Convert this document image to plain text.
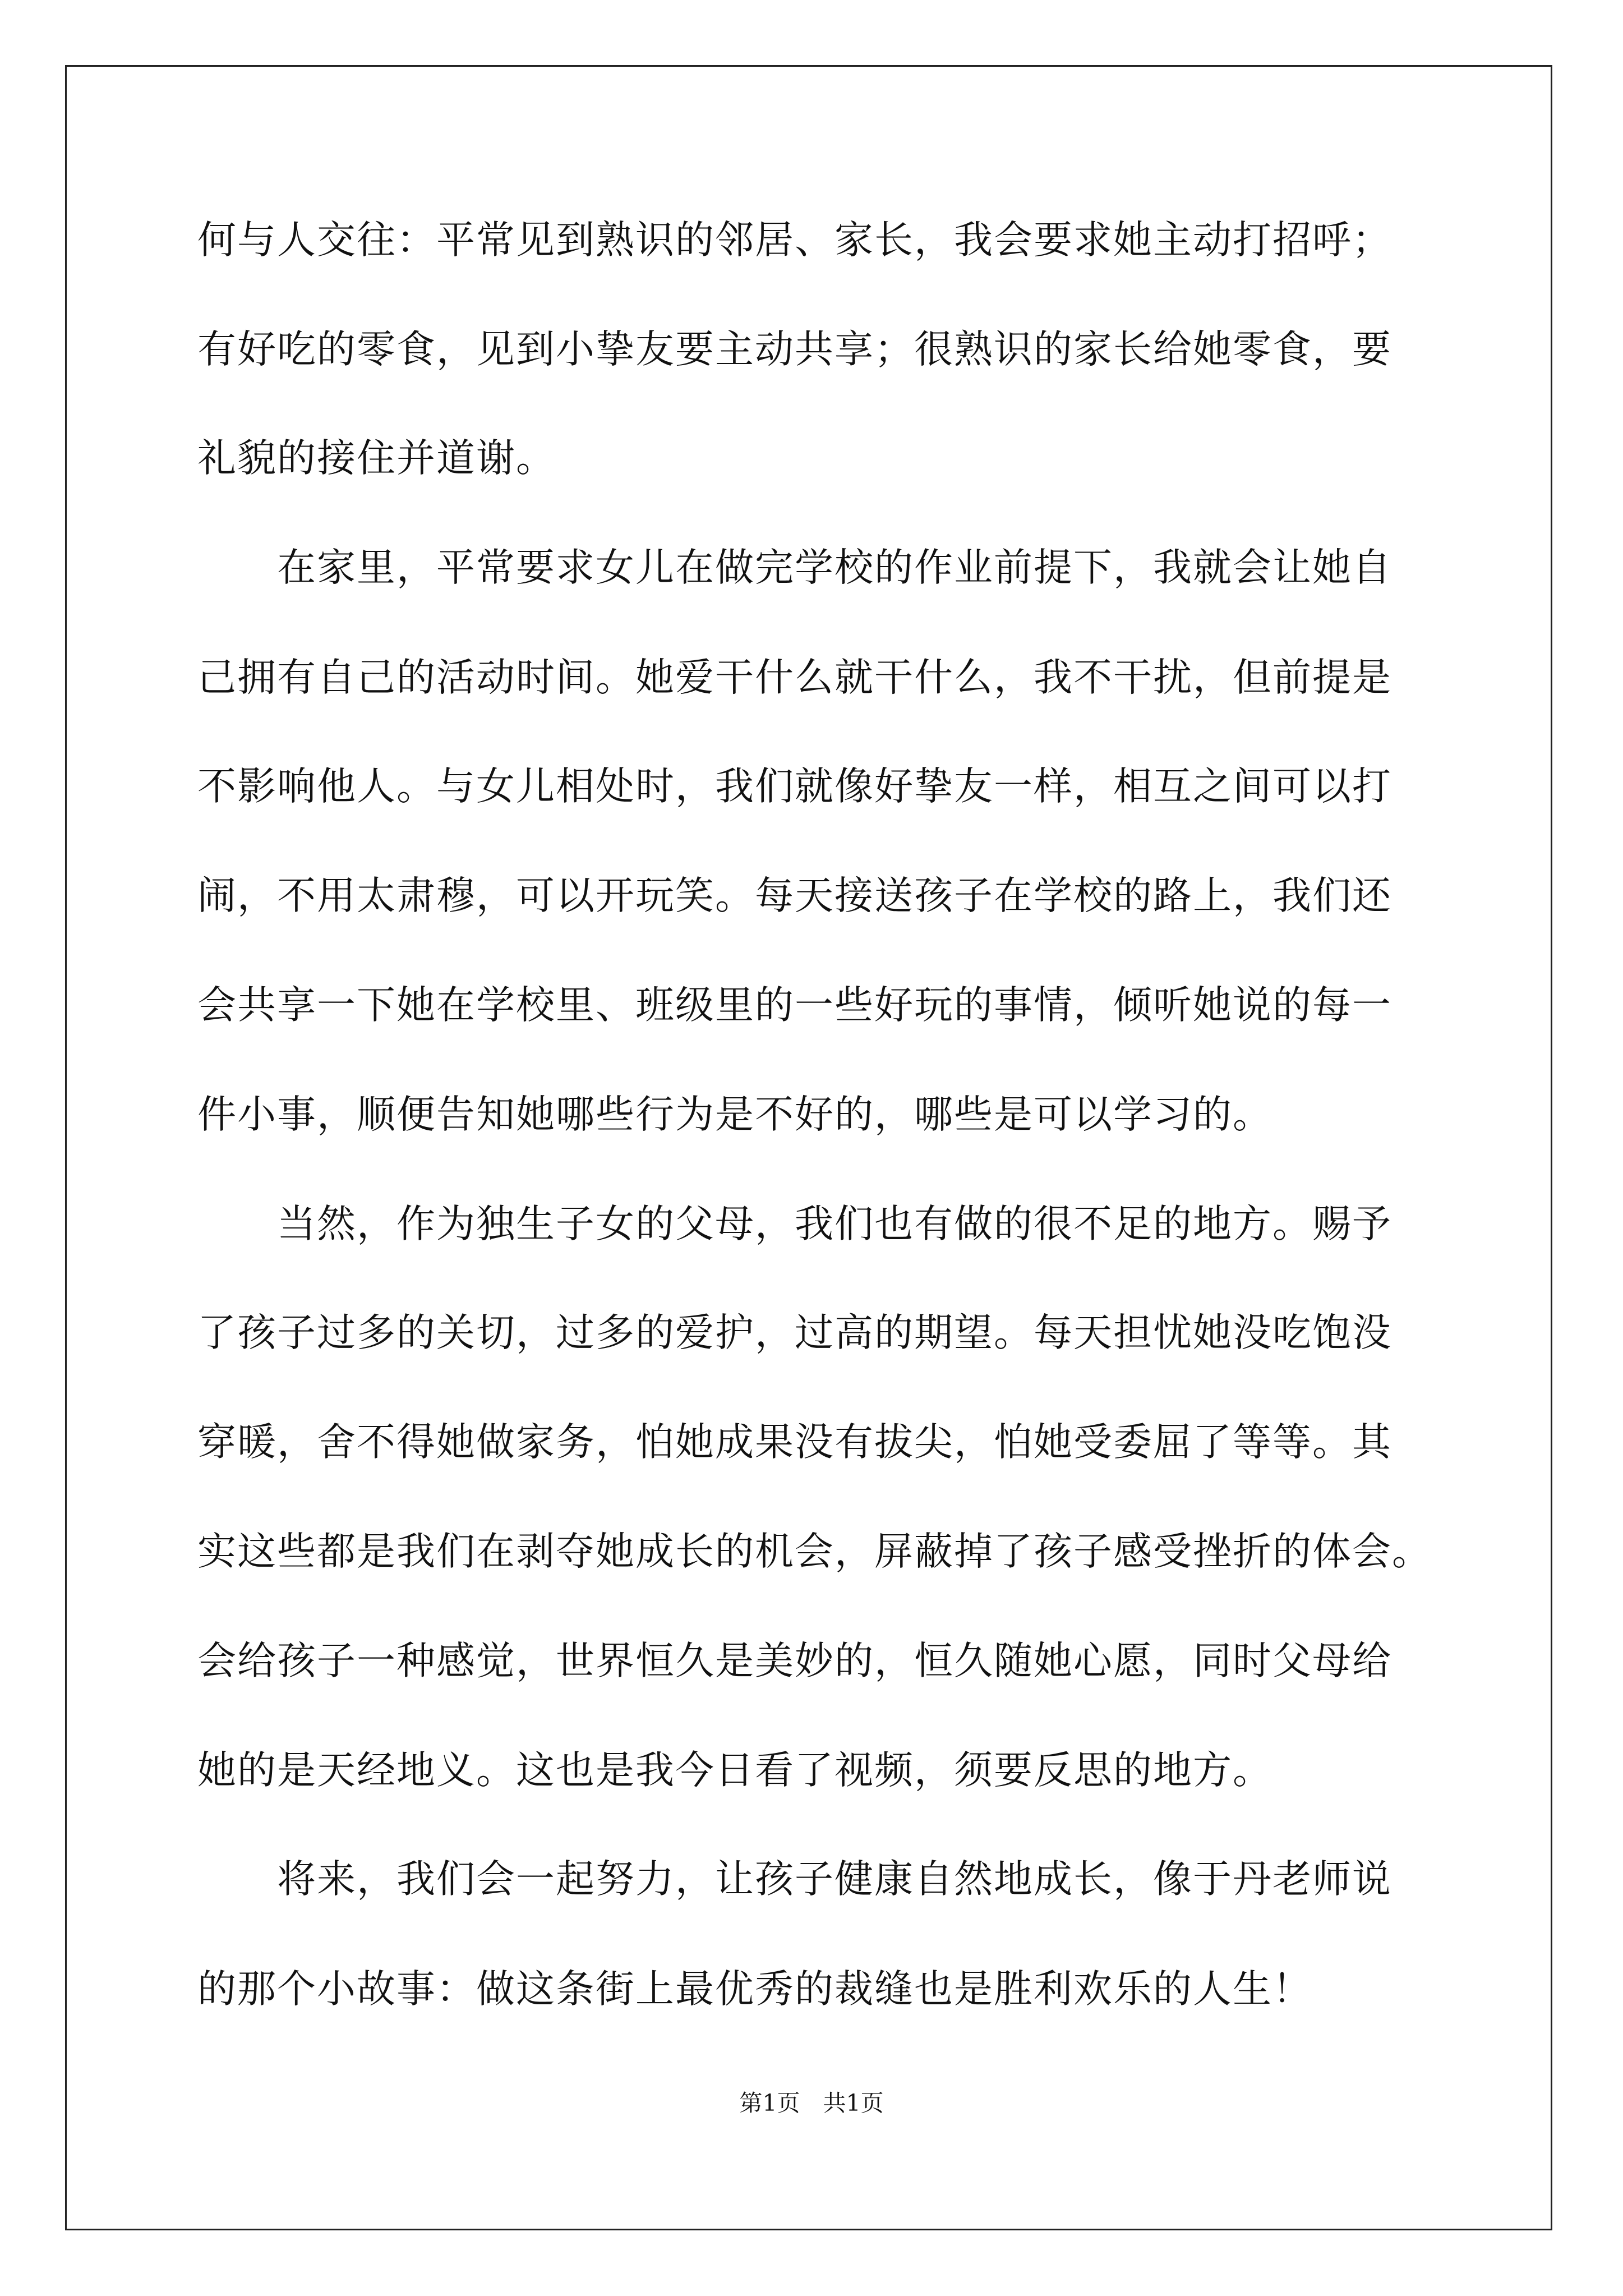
何与人交往：平常见到熟识的邻居、家长，我会要求她主动打招呼；
有好吃的零食，见到小挚友要主动共享；很熟识的家长给她零食，要
礼貌的接住并道谢。
　　在家里，平常要求女儿在做完学校的作业前提下，我就会让她自
己拥有自己的活动时间。她爱干什么就干什么，我不干扰，但前提是
不影响他人。与女儿相处时，我们就像好挚友一样，相互之间可以打
闹，不用太肃穆，可以开玩笑。每天接送孩子在学校的路上，我们还
会共享一下她在学校里、班级里的一些好玩的事情，倾听她说的每一
件小事，顺便告知她哪些行为是不好的，哪些是可以学习的。
　　当然，作为独生子女的父母，我们也有做的很不足的地方。赐予
了孩子过多的关切，过多的爱护，过高的期望。每天担忧她没吃饱没
穿暖，舍不得她做家务，怕她成果没有拔尖，怕她受委屈了等等。其
实这些都是我们在剥夺她成长的机会，屏蔽掉了孩子感受挫折的体会。
会给孩子一种感觉，世界恒久是美妙的，恒久随她心愿，同时父母给
她的是天经地义。这也是我今日看了视频，须要反思的地方。
　　将来，我们会一起努力，让孩子健康自然地成长，像于丹老师说
的那个小故事：做这条街上最优秀的裁缝也是胜利欢乐的人生！
第1页　共1页
